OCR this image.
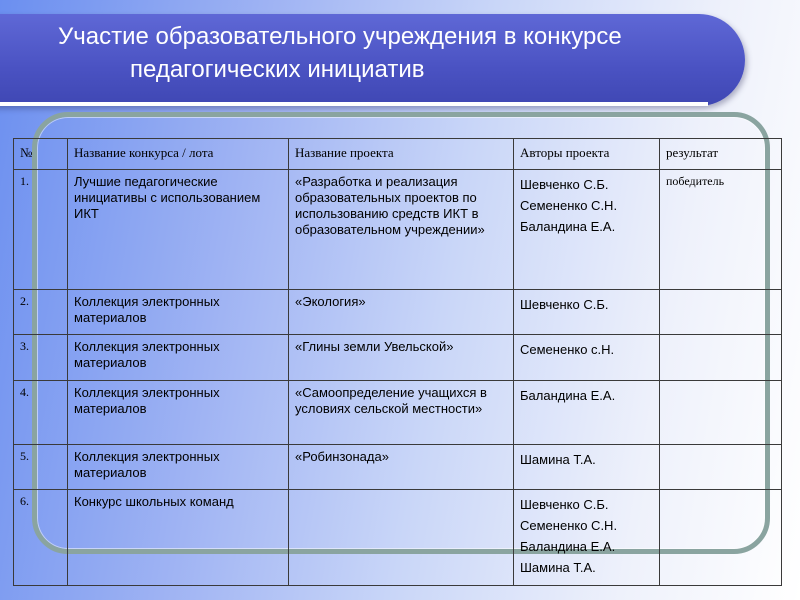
Участие образовательного учреждения в конкурсе
педагогических инициатив
№	Название конкурса / лота	Название проекта	Авторы проекта	результат
1.	Лучшие педагогические инициативы с использованием ИКТ	«Разработка и реализация образовательных проектов по использованию средств ИКТ в образовательном учреждении»	Шевченко С.Б.
Семененко С.Н.
Баландина Е.А.	победитель
2.	Коллекция электронных материалов	«Экология»	Шевченко С.Б.	

3.	Коллекция электронных материалов	«Глины земли Увельской»	Семененко с.Н.	

4.	Коллекция электронных материалов	«Самоопределение учащихся в условиях сельской местности»	Баландина Е.А.	

5.	Коллекция электронных материалов	«Робинзонада»	Шамина Т.А.	

6.	Конкурс школьных команд		Шевченко С.Б.
Семененко С.Н.
Баландина Е.А.
Шамина Т.А.	
